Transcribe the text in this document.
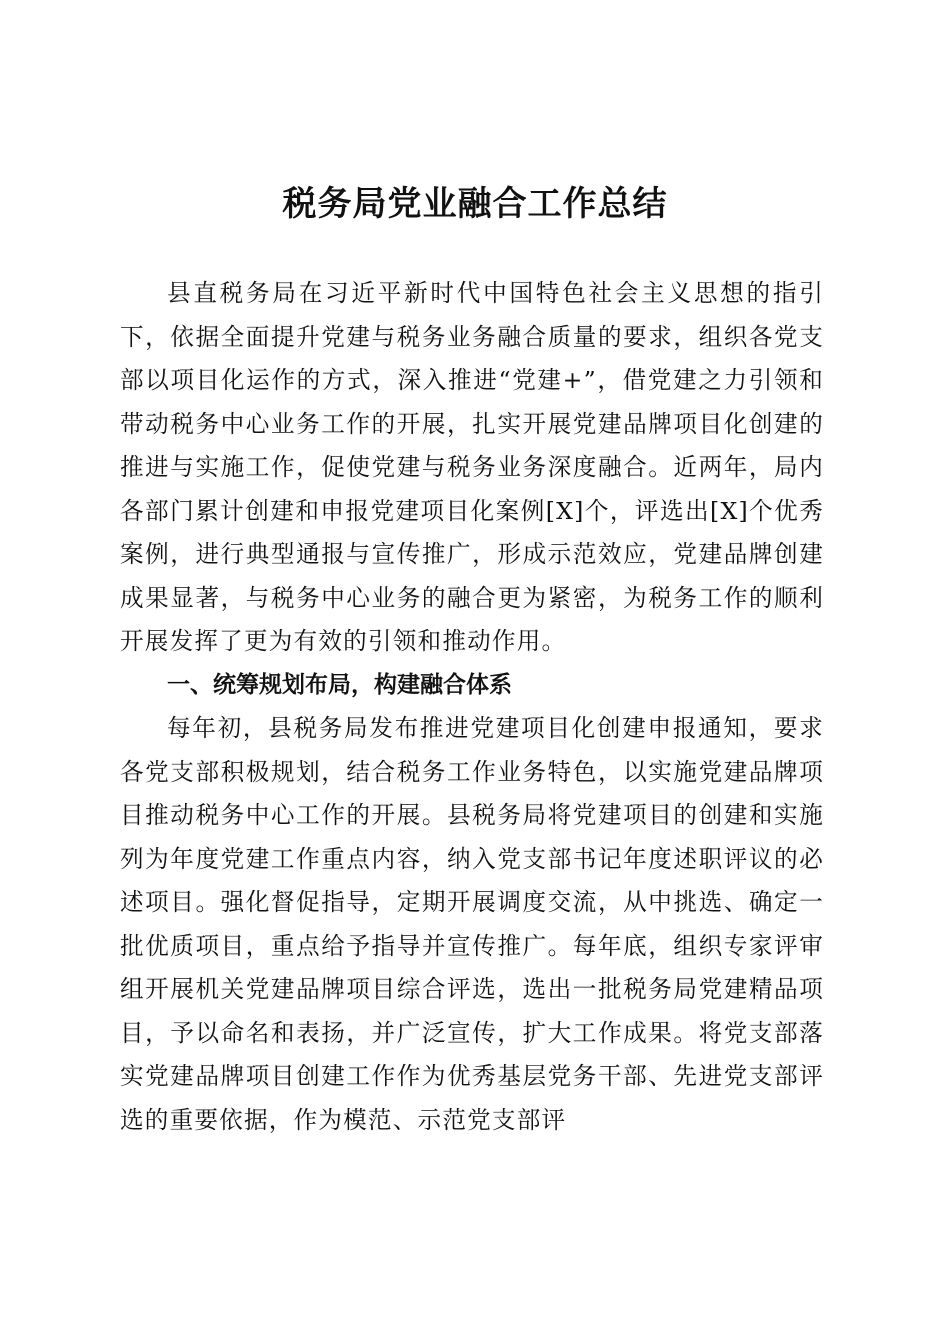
税务局党业融合工作总结

县直税务局在习近平新时代中国特色社会主义思想的指引下，依据全面提升党建与税务业务融合质量的要求，组织各党支部以项目化运作的方式，深入推进“党建+”，借党建之力引领和带动税务中心业务工作的开展，扎实开展党建品牌项目化创建的推进与实施工作，促使党建与税务业务深度融合。近两年，局内各部门累计创建和申报党建项目化案例[X]个，评选出[X]个优秀案例，进行典型通报与宣传推广，形成示范效应，党建品牌创建成果显著，与税务中心业务的融合更为紧密，为税务工作的顺利开展发挥了更为有效的引领和推动作用。

一、统筹规划布局，构建融合体系

每年初，县税务局发布推进党建项目化创建申报通知，要求各党支部积极规划，结合税务工作业务特色，以实施党建品牌项目推动税务中心工作的开展。县税务局将党建项目的创建和实施列为年度党建工作重点内容，纳入党支部书记年度述职评议的必述项目。强化督促指导，定期开展调度交流，从中挑选、确定一批优质项目，重点给予指导并宣传推广。每年底，组织专家评审组开展机关党建品牌项目综合评选，选出一批税务局党建精品项目，予以命名和表扬，并广泛宣传，扩大工作成果。将党支部落实党建品牌项目创建工作作为优秀基层党务干部、先进党支部评选的重要依据，作为模范、示范党支部评
